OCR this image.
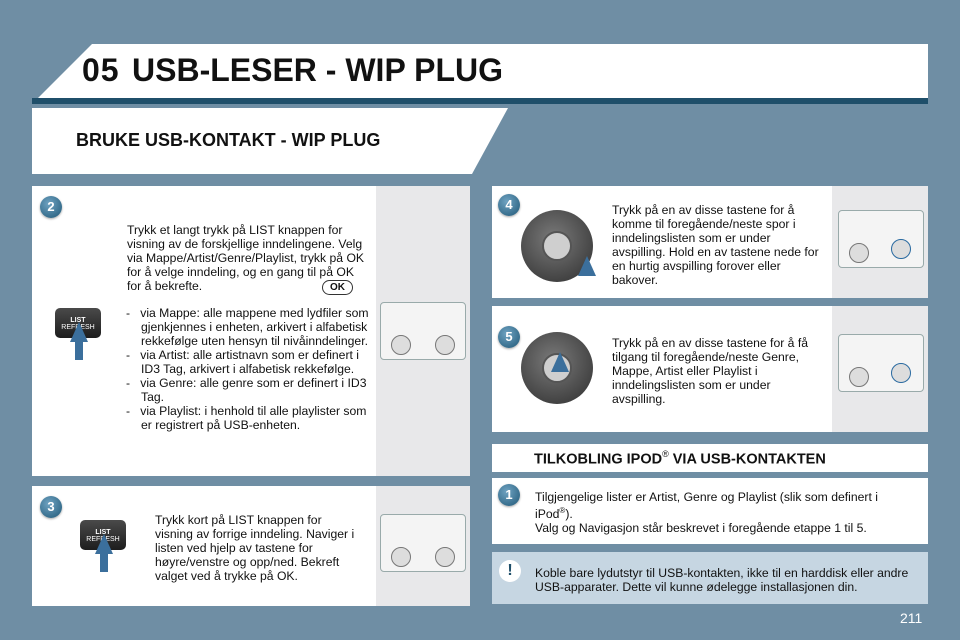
05 USB-LESER - WIP PLUG
BRUKE USB-KONTAKT - WIP PLUG
2
Trykk et langt trykk på LIST knappen for visning av de forskjellige inndelingene. Velg via Mappe/Artist/Genre/Playlist, trykk på OK for å velge inndeling, og en gang til på OK for å bekrefte.	OK

-   via Mappe: alle mappene med lydfiler som gjenkjennes i enheten, arkivert i alfabetisk rekkefølge uten hensyn til nivåinndelinger.

-   via Artist: alle artistnavn som er definert i ID3 Tag, arkivert i alfabetisk rekkefølge.

-   via Genre: alle genre som er definert i ID3 Tag.

-   via Playlist: i henhold til alle playlister som er registrert på USB-enheten.

LIST
REFRESH
3
Trykk kort på LIST knappen for visning av forrige inndeling. Naviger i listen ved hjelp av tastene for høyre/venstre og opp/ned. Bekreft valget ved å trykke på OK.
LIST
REFRESH
4	Trykk på en av disse tastene for å komme til foregående/neste spor i inndelingslisten som er under avspilling. Hold en av tastene nede for en hurtig avspilling forover eller bakover.
5	Trykk på en av disse tastene for å få tilgang til foregående/neste Genre, Mappe, Artist eller Playlist i inndelingslisten som er under avspilling.
TILKOBLING IPOD® VIA USB-KONTAKTEN
1	Tilgjengelige lister er Artist, Genre og Playlist (slik som definert i iPod®).
Valg og Navigasjon står beskrevet i foregående etappe 1 til 5.
!	Koble bare lydutstyr til USB-kontakten, ikke til en harddisk eller andre USB-apparater. Dette vil kunne ødelegge installasjonen din.
211
